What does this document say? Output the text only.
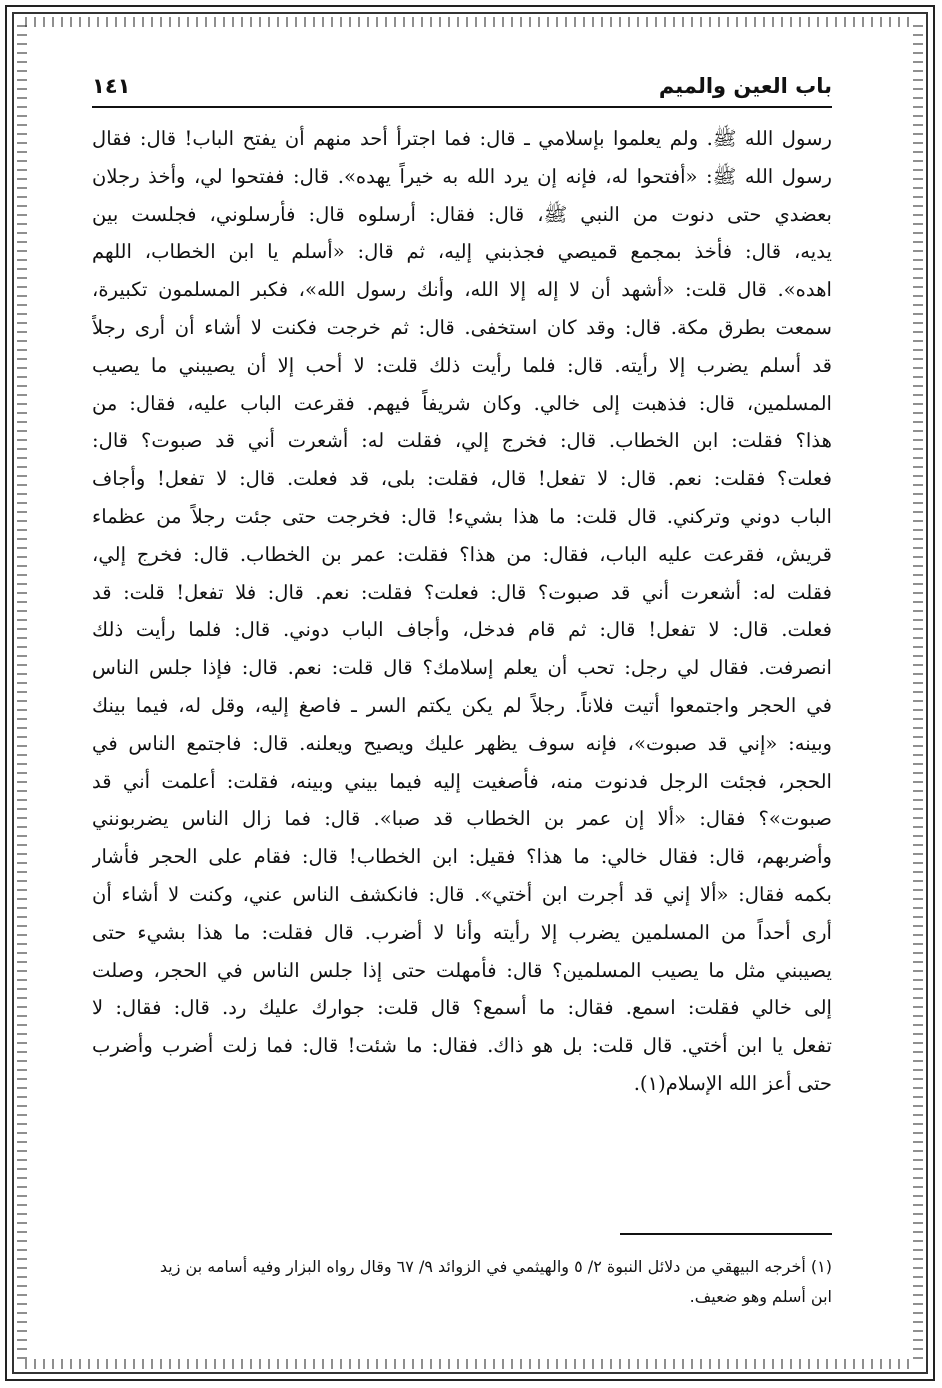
باب العين والميم
١٤١
رسول الله ﷺ. ولم يعلموا بإسلامي ـ قال: فما اجترأ أحد منهم أن يفتح الباب! قال: فقال
رسول الله ﷺ: «أفتحوا له، فإنه إن يرد الله به خيراً يهده». قال: ففتحوا لي، وأخذ رجلان
بعضدي حتى دنوت من النبي ﷺ، قال: فقال: أرسلوه قال: فأرسلوني، فجلست بين
يديه، قال: فأخذ بمجمع قميصي فجذبني إليه، ثم قال: «أسلم يا ابن الخطاب، اللهم
اهده». قال قلت: «أشهد أن لا إله إلا الله، وأنك رسول الله»، فكبر المسلمون تكبيرة،
سمعت بطرق مكة. قال: وقد كان استخفى. قال: ثم خرجت فكنت لا أشاء أن أرى رجلاً
قد أسلم يضرب إلا رأيته. قال: فلما رأيت ذلك قلت: لا أحب إلا أن يصيبني ما يصيب
المسلمين، قال: فذهبت إلى خالي. وكان شريفاً فيهم. فقرعت الباب عليه، فقال: من
هذا؟ فقلت: ابن الخطاب. قال: فخرج إلي، فقلت له: أشعرت أني قد صبوت؟ قال:
فعلت؟ فقلت: نعم. قال: لا تفعل! قال، فقلت: بلى، قد فعلت. قال: لا تفعل! وأجاف
الباب دوني وتركني. قال قلت: ما هذا بشيء! قال: فخرجت حتى جئت رجلاً من عظماء
قريش، فقرعت عليه الباب، فقال: من هذا؟ فقلت: عمر بن الخطاب. قال: فخرج إلي،
فقلت له: أشعرت أني قد صبوت؟ قال: فعلت؟ فقلت: نعم. قال: فلا تفعل! قلت: قد
فعلت. قال: لا تفعل! قال: ثم قام فدخل، وأجاف الباب دوني. قال: فلما رأيت ذلك
انصرفت. فقال لي رجل: تحب أن يعلم إسلامك؟ قال قلت: نعم. قال: فإذا جلس الناس
في الحجر واجتمعوا أتيت فلاناً. رجلاً لم يكن يكتم السر ـ فاصغ إليه، وقل له، فيما بينك
وبينه: «إني قد صبوت»، فإنه سوف يظهر عليك ويصيح ويعلنه. قال: فاجتمع الناس في
الحجر، فجئت الرجل فدنوت منه، فأصغيت إليه فيما بيني وبينه، فقلت: أعلمت أني قد
صبوت»؟ فقال: «ألا إن عمر بن الخطاب قد صبا». قال: فما زال الناس يضربونني
وأضربهم، قال: فقال خالي: ما هذا؟ فقيل: ابن الخطاب! قال: فقام على الحجر فأشار
بكمه فقال: «ألا إني قد أجرت ابن أختي». قال: فانكشف الناس عني، وكنت لا أشاء أن
أرى أحداً من المسلمين يضرب إلا رأيته وأنا لا أضرب. قال فقلت: ما هذا بشيء حتى
يصيبني مثل ما يصيب المسلمين؟ قال: فأمهلت حتى إذا جلس الناس في الحجر، وصلت
إلى خالي فقلت: اسمع. فقال: ما أسمع؟ قال قلت: جوارك عليك رد. قال: فقال: لا
تفعل يا ابن أختي. قال قلت: بل هو ذاك. فقال: ما شئت! قال: فما زلت أضرب وأضرب
حتى أعز الله الإسلام(١).
(١) أخرجه البيهقي من دلائل النبوة ٢/ ٥ والهيثمي في الزوائد ٩/ ٦٧ وقال رواه البزار وفيه أسامه بن زيد
ابن أسلم وهو ضعيف.
